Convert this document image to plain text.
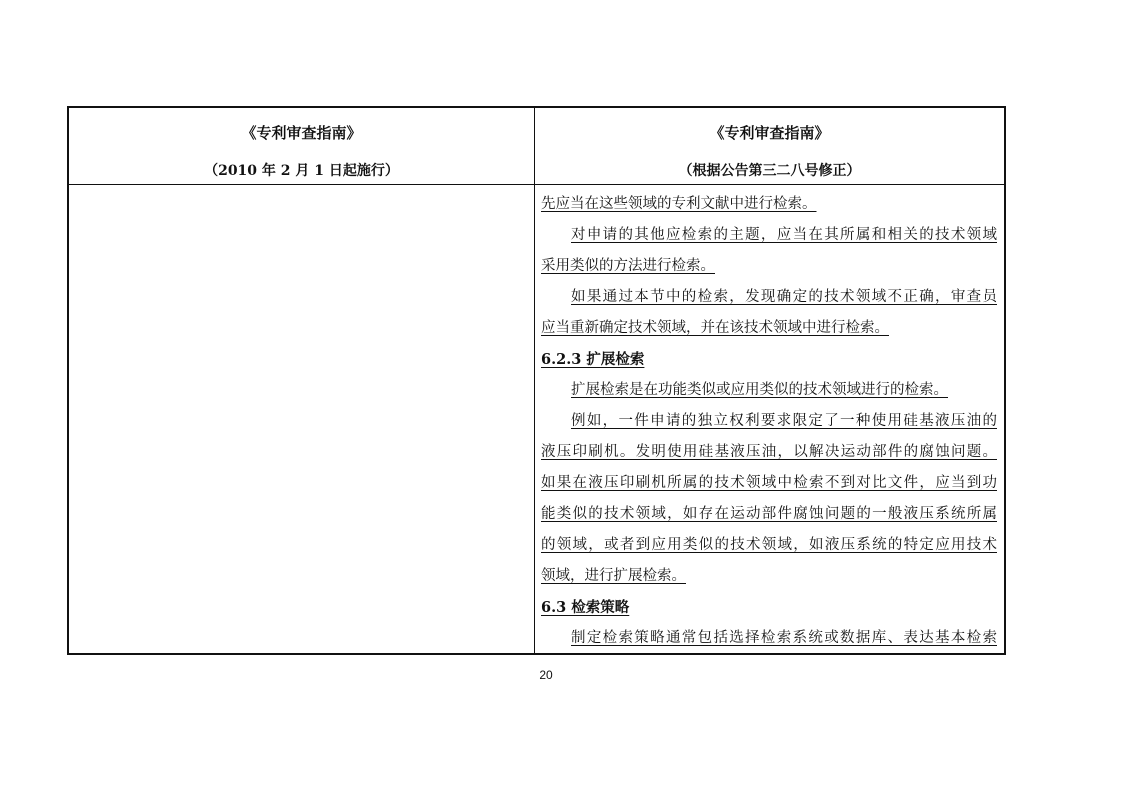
《专利审查指南》
（2010 年 2 月 1 日起施行）
《专利审查指南》
（根据公告第三二八号修正）
先应当在这些领域的专利文献中进行检索。
对申请的其他应检索的主题，应当在其所属和相关的技术领域
采用类似的方法进行检索。
如果通过本节中的检索，发现确定的技术领域不正确，审查员
应当重新确定技术领域，并在该技术领域中进行检索。
6.2.3 扩展检索
扩展检索是在功能类似或应用类似的技术领域进行的检索。
例如，一件申请的独立权利要求限定了一种使用硅基液压油的
液压印刷机。发明使用硅基液压油，以解决运动部件的腐蚀问题。
如果在液压印刷机所属的技术领域中检索不到对比文件，应当到功
能类似的技术领域，如存在运动部件腐蚀问题的一般液压系统所属
的领域，或者到应用类似的技术领域，如液压系统的特定应用技术
领域，进行扩展检索。
6.3 检索策略
制定检索策略通常包括选择检索系统或数据库、表达基本检索
20
